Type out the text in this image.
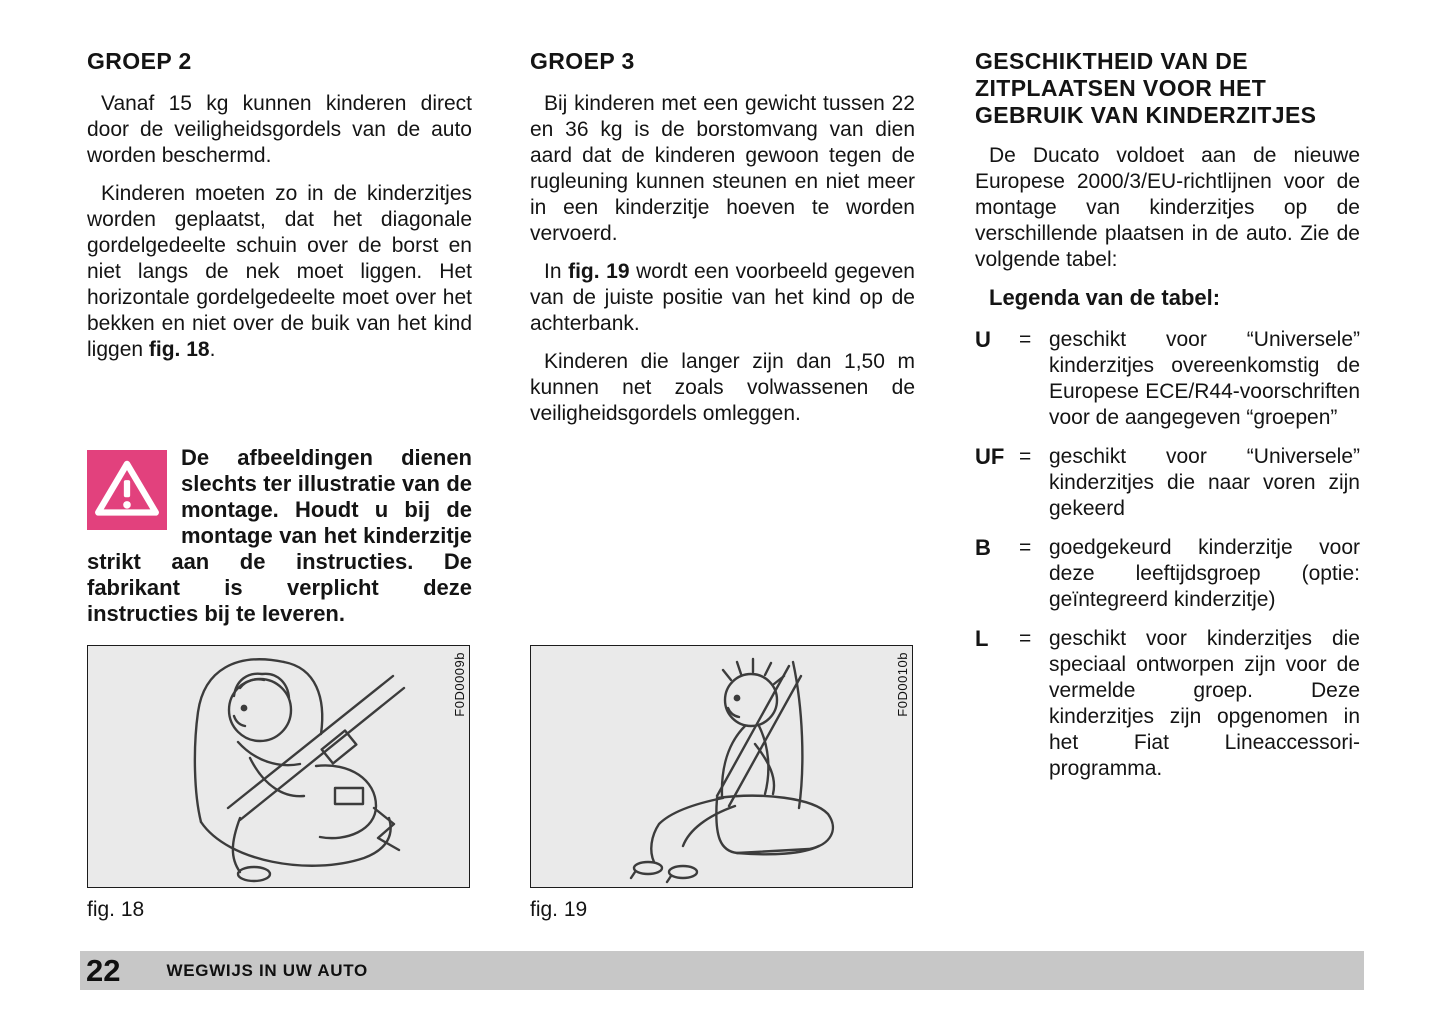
GROEP 2

Vanaf 15 kg kunnen kinderen direct door de veiligheidsgordels van de auto worden beschermd.

Kinderen moeten zo in de kinderzitjes worden geplaatst, dat het diagonale gordelgedeelte schuin over de borst en niet langs de nek moet liggen. Het horizontale gordelgedeelte moet over het bekken en niet over de buik van het kind liggen fig. 18.

De afbeeldingen dienen slechts ter illustratie van de montage. Houdt u bij de montage van het kinderzitje strikt aan de instructies. De fabrikant is verplicht deze instructies bij te leveren.

F0D0009b
fig. 18
GROEP 3

Bij kinderen met een gewicht tussen 22 en 36 kg is de borstomvang van dien aard dat de kinderen gewoon tegen de rugleuning kunnen steunen en niet meer in een kinderzitje hoeven te worden vervoerd.

In fig. 19 wordt een voorbeeld gegeven van de juiste positie van het kind op de achterbank.

Kinderen die langer zijn dan 1,50 m kunnen net zoals volwassenen de veiligheidsgordels omleggen.

F0D0010b
fig. 19
GESCHIKTHEID VAN DE ZITPLAATSEN VOOR HET GEBRUIK VAN KINDERZITJES

De Ducato voldoet aan de nieuwe Europese 2000/3/EU-richtlijnen voor de montage van kinderzitjes op de verschillende plaatsen in de auto. Zie de volgende tabel:

Legenda van de tabel:
U	= geschikt voor “Universele” kinderzitjes overeenkomstig de Europese ECE/R44-voorschriften voor de aangegeven “groepen”
UF = geschikt voor “Universele” kinderzitjes die naar voren zijn gekeerd
B	= goedgekeurd kinderzitje voor deze leeftijdsgroep (optie: geïntegreerd kinderzitje)
L	= geschikt voor kinderzitjes die speciaal ontworpen zijn voor de vermelde groep. Deze kinderzitjes zijn opgenomen in het Fiat Lineaccessori-programma.
22	WEGWIJS IN UW AUTO
